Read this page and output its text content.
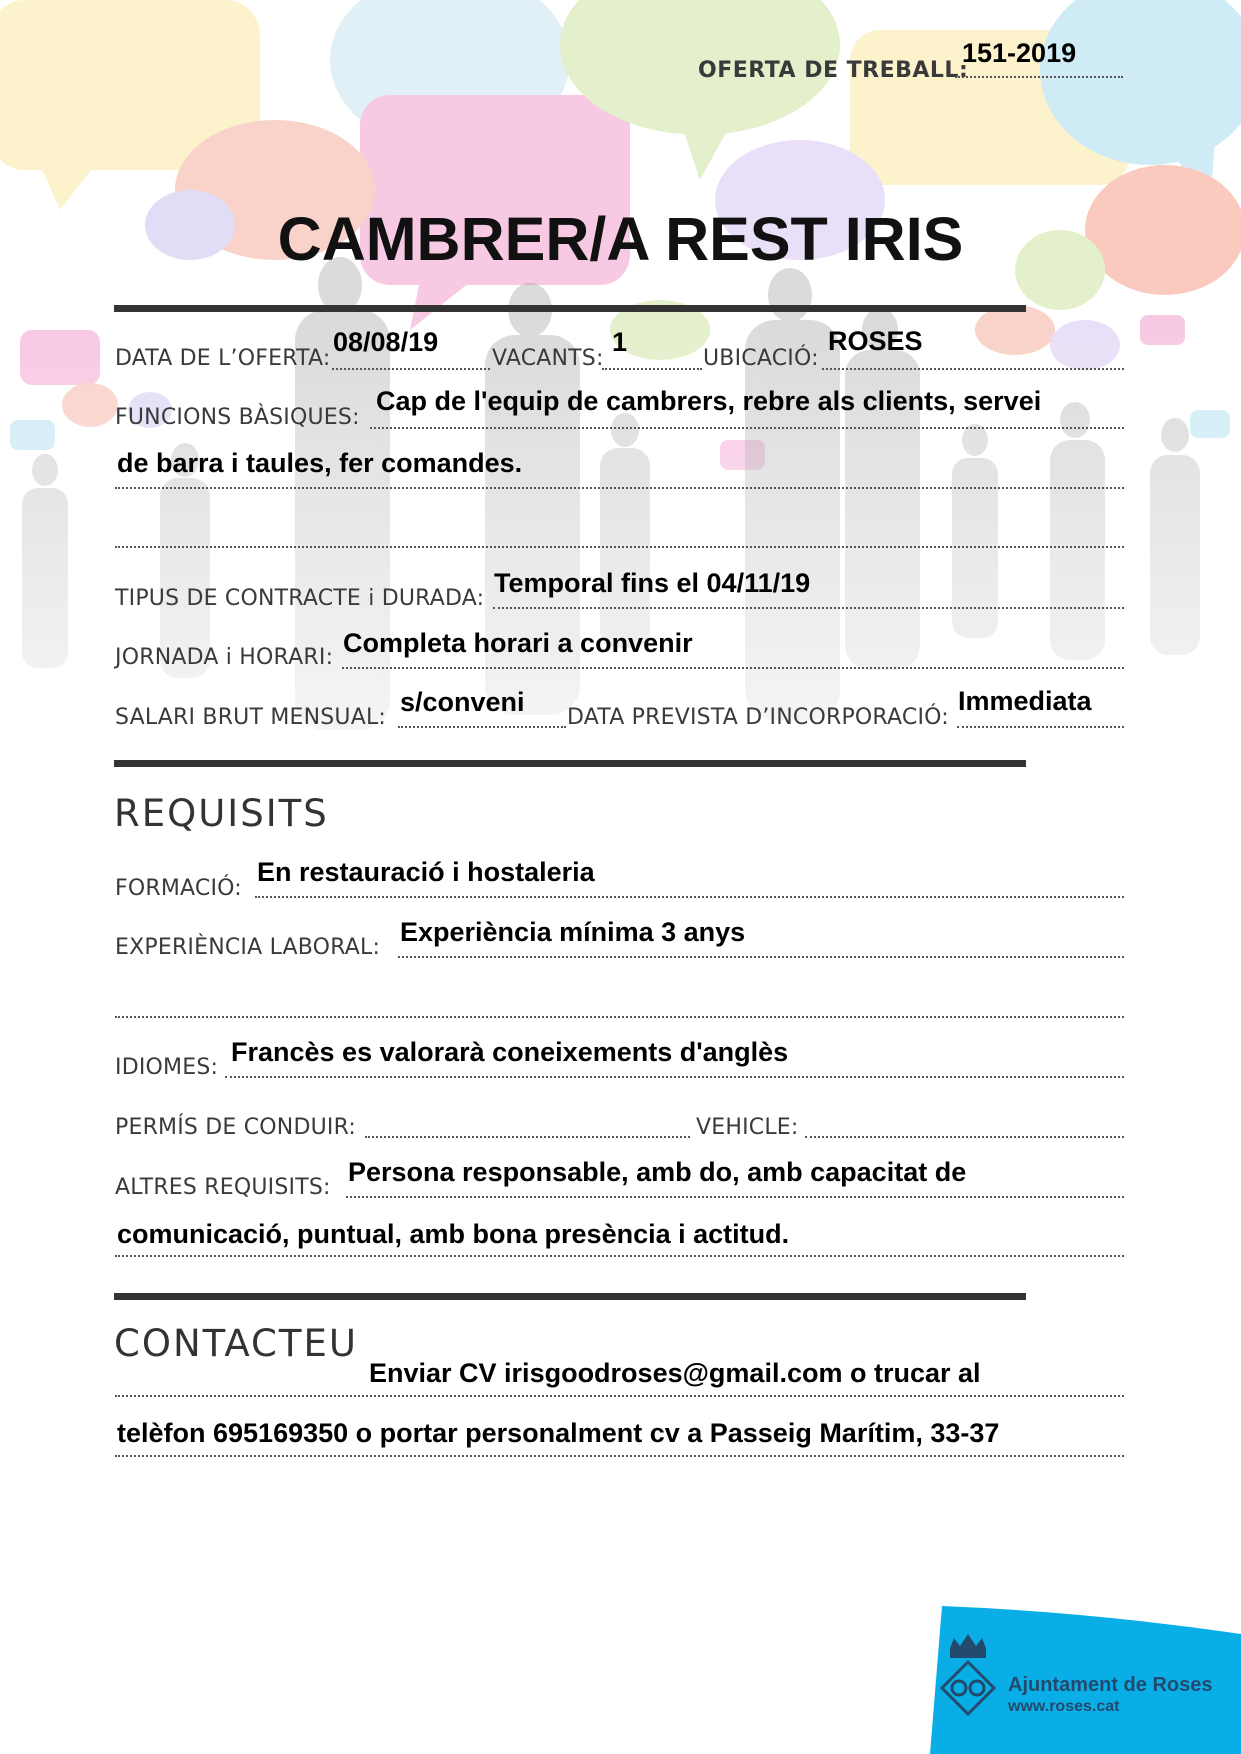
OFERTA DE TREBALL:
151-2019
CAMBRER/A REST IRIS
DATA DE L’OFERTA:
08/08/19
VACANTS:
1
UBICACIÓ:
ROSES
FUNCIONS BÀSIQUES:
Cap de l'equip de cambrers, rebre als clients, servei
de barra i taules, fer comandes.
TIPUS DE CONTRACTE i DURADA:
Temporal fins el 04/11/19
JORNADA i HORARI: Completa horari a convenir
SALARI BRUT MENSUAL:
s/conveni
DATA PREVISTA D’INCORPORACIÓ:
Immediata
REQUISITS
FORMACIÓ:
En restauració i hostaleria
EXPERIÈNCIA LABORAL:
Experiència mínima 3 anys
IDIOMES:
Francès es valorarà coneixements d'anglès
PERMÍS DE CONDUIR:	VEHICLE:
ALTRES REQUISITS:
Persona responsable, amb do, amb capacitat de
comunicació, puntual, amb bona presència i actitud.
CONTACTEU
Enviar CV irisgoodroses@gmail.com o trucar al
telèfon 695169350 o portar personalment cv a Passeig Marítim, 33-37
Ajuntament de Roses
www.roses.cat
